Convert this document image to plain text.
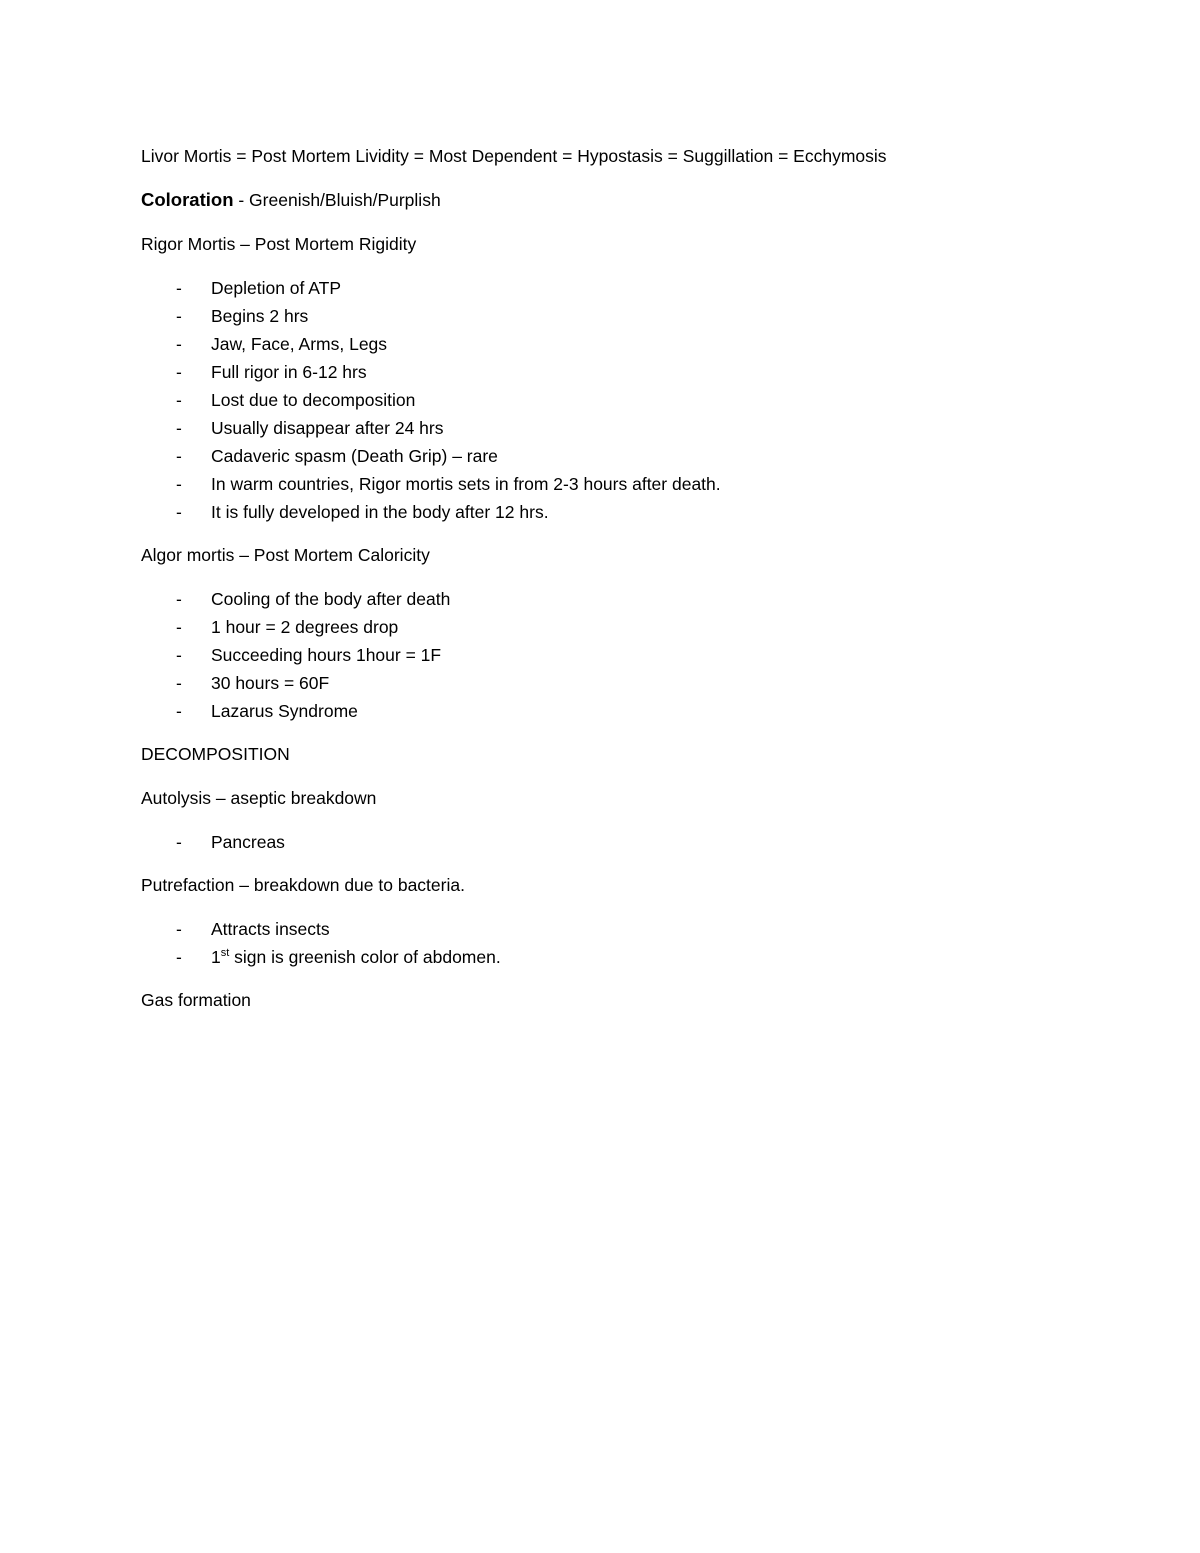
Livor Mortis = Post Mortem Lividity = Most Dependent = Hypostasis = Suggillation = Ecchymosis

Coloration - Greenish/Bluish/Purplish

Rigor Mortis – Post Mortem Rigidity

- Depletion of ATP
- Begins 2 hrs
- Jaw, Face, Arms, Legs
- Full rigor in 6-12 hrs
- Lost due to decomposition
- Usually disappear after 24 hrs
- Cadaveric spasm (Death Grip) – rare
- In warm countries, Rigor mortis sets in from 2-3 hours after death.
- It is fully developed in the body after 12 hrs.

Algor mortis – Post Mortem Caloricity

- Cooling of the body after death
- 1 hour = 2 degrees drop
- Succeeding hours 1hour = 1F
- 30 hours = 60F
- Lazarus Syndrome

DECOMPOSITION

Autolysis – aseptic breakdown

- Pancreas

Putrefaction – breakdown due to bacteria.

- Attracts insects
- 1st sign is greenish color of abdomen.

Gas formation
